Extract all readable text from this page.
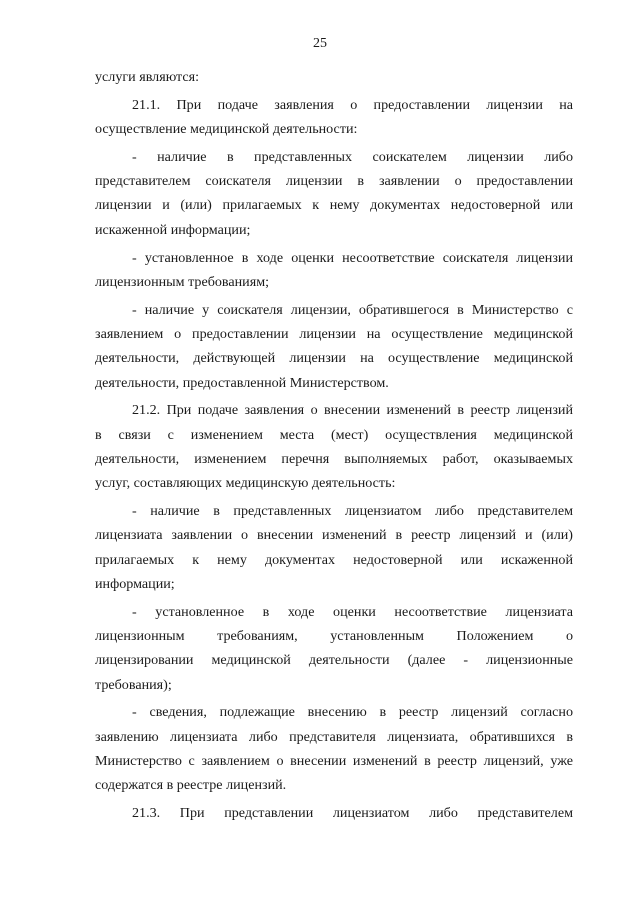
25
услуги являются:
21.1. При подаче заявления о предоставлении лицензии на
осуществление медицинской деятельности:
- наличие в представленных соискателем лицензии либо
представителем соискателя лицензии в заявлении о предоставлении
лицензии и (или) прилагаемых к нему документах недостоверной или
искаженной информации;
- установленное в ходе оценки несоответствие соискателя лицензии
лицензионным требованиям;
- наличие у соискателя лицензии, обратившегося в Министерство с
заявлением о предоставлении лицензии на осуществление медицинской
деятельности, действующей лицензии на осуществление медицинской
деятельности, предоставленной Министерством.
21.2. При подаче заявления о внесении изменений в реестр лицензий
в связи с изменением места (мест) осуществления медицинской
деятельности, изменением перечня выполняемых работ, оказываемых
услуг, составляющих медицинскую деятельность:
- наличие в представленных лицензиатом либо представителем
лицензиата заявлении о внесении изменений в реестр лицензий и (или)
прилагаемых к нему документах недостоверной или искаженной
информации;
- установленное в ходе оценки несоответствие лицензиата
лицензионным требованиям, установленным Положением о
лицензировании медицинской деятельности (далее - лицензионные
требования);
- сведения, подлежащие внесению в реестр лицензий согласно
заявлению лицензиата либо представителя лицензиата, обратившихся в
Министерство с заявлением о внесении изменений в реестр лицензий, уже
содержатся в реестре лицензий.
21.3. При представлении лицензиатом либо представителем
